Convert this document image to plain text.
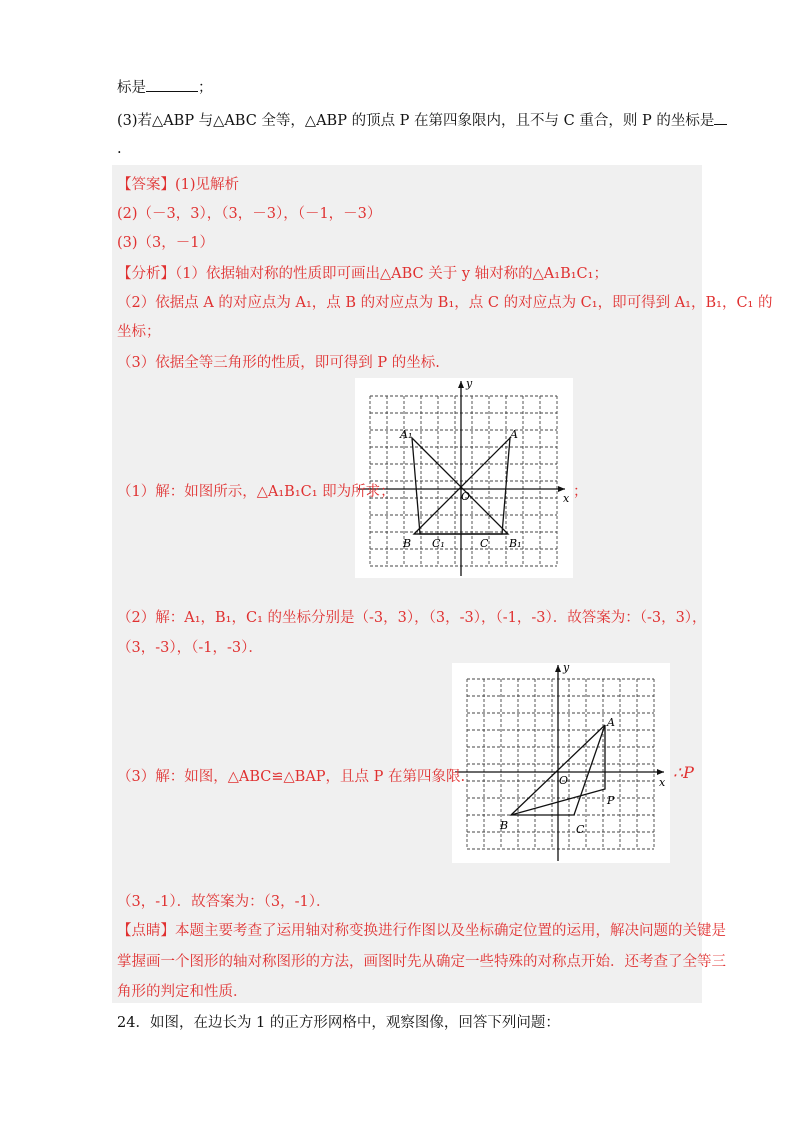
标是	；
(3)若△ABP 与△ABC 全等，△ABP 的顶点 P 在第四象限内，且不与 C 重合，则 P 的坐标是
.
【答案】(1)见解析
(2)（－3，3），（3，－3），（－1，－3）
(3)（3，－1）
【分析】（1）依据轴对称的性质即可画出△ABC 关于 y 轴对称的△A₁B₁C₁；
（2）依据点 A 的对应点为 A₁，点 B 的对应点为 B₁，点 C 的对应点为 C₁，即可得到 A₁，B₁，C₁ 的
坐标；
（3）依据全等三角形的性质，即可得到 P 的坐标.
y
x
O
A₁	A
B C₁	C B₁
（1）解：如图所示，△A₁B₁C₁ 即为所求；	；
（2）解：A₁，B₁，C₁ 的坐标分别是（-3，3），（3，-3），（-1，-3）．故答案为：（-3，3），
（3，-3），（-1，-3）．
y
x
O
A
B	C
P
（3）解：如图，△ABC≌△BAP，且点 P 在第四象限.	∴P
（3，-1）．故答案为：（3，-1）．
【点睛】本题主要考查了运用轴对称变换进行作图以及坐标确定位置的运用，解决问题的关键是
掌握画一个图形的轴对称图形的方法，画图时先从确定一些特殊的对称点开始．还考查了全等三
角形的判定和性质．
24．如图，在边长为 1 的正方形网格中，观察图像，回答下列问题：
